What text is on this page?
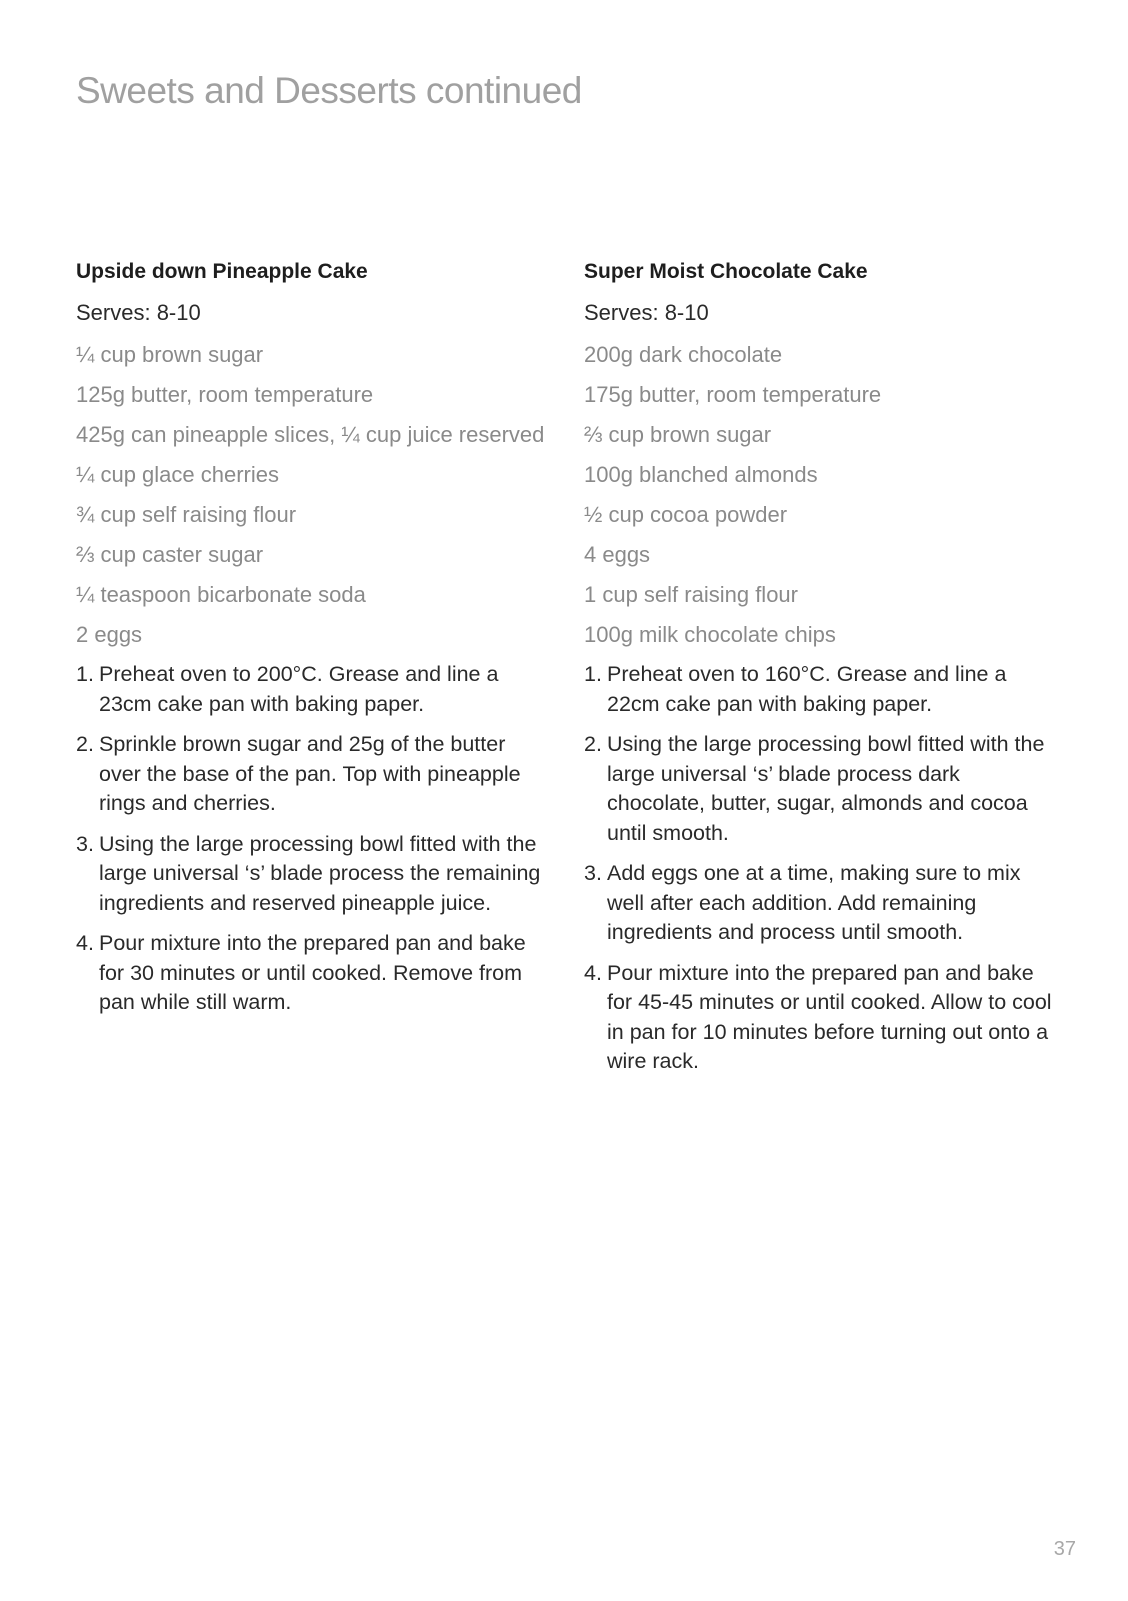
Sweets and Desserts continued
Upside down Pineapple Cake

Serves: 8-10

¼ cup brown sugar
125g butter, room temperature
425g can pineapple slices, ¼ cup juice reserved
¼ cup glace cherries
¾ cup self raising flour
⅔ cup caster sugar
¼ teaspoon bicarbonate soda
2 eggs
1. Preheat oven to 200°C. Grease and line a 23cm cake pan with baking paper.
2. Sprinkle brown sugar and 25g of the butter over the base of the pan. Top with pineapple rings and cherries.
3. Using the large processing bowl fitted with the large universal ‘s’ blade process the remaining ingredients and reserved pineapple juice.
4. Pour mixture into the prepared pan and bake for 30 minutes or until cooked. Remove from pan while still warm.
Super Moist Chocolate Cake

Serves: 8-10

200g dark chocolate
175g butter, room temperature
⅔ cup brown sugar
100g blanched almonds
½ cup cocoa powder
4 eggs
1 cup self raising flour
100g milk chocolate chips
1. Preheat oven to 160°C. Grease and line a 22cm cake pan with baking paper.
2. Using the large processing bowl fitted with the large universal ‘s’ blade process dark chocolate, butter, sugar, almonds and cocoa until smooth.
3. Add eggs one at a time, making sure to mix well after each addition. Add remaining ingredients and process until smooth.
4. Pour mixture into the prepared pan and bake for 45-45 minutes or until cooked. Allow to cool in pan for 10 minutes before turning out onto a wire rack.
37
